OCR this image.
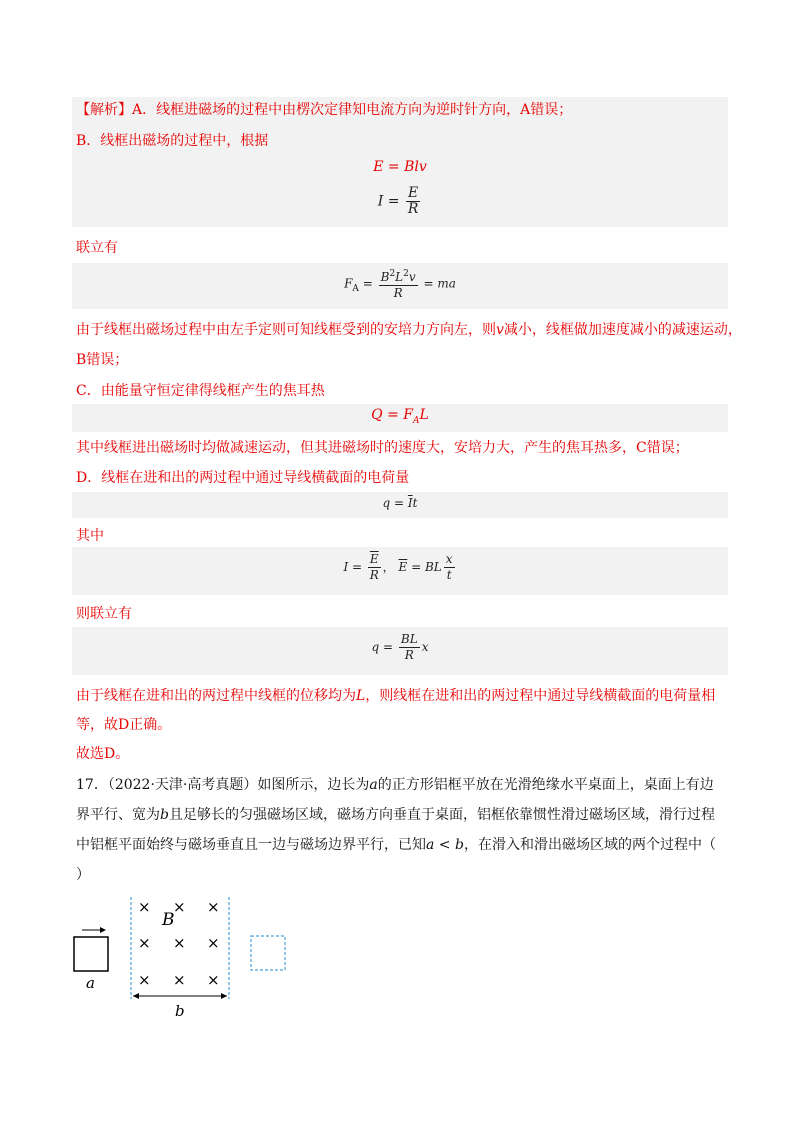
【解析】A．线框进磁场的过程中由楞次定律知电流方向为逆时针方向，A错误；
B．线框出磁场的过程中，根据
E = Blv
$I = \frac{E}{R}$
联立有
$F_A = \frac{B^2L^2v}{R}$ = ma
由于线框出磁场过程中由左手定则可知线框受到的安培力方向左，则v减小，线框做加速度减小的减速运动，
B错误；
C．由能量守恒定律得线框产生的焦耳热
$Q = F_AL$
其中线框进出磁场时均做减速运动，但其进磁场时的速度大，安培力大，产生的焦耳热多，C错误；
D．线框在进和出的两过程中通过导线横截面的电荷量
$q = \overline{I}t$
其中
$I = \frac{\overline{E}}{R}$ ， $\overline{E}$ = BL $\frac{x}{t}$
则联立有
$q = \frac{BL}{R}$ x
由于线框在进和出的两过程中线框的位移均为L，则线框在进和出的两过程中通过导线横截面的电荷量相
等，故D正确。
故选D。
17．（2022·天津·高考真题）如图所示，边长为a的正方形铝框平放在光滑绝缘水平桌面上，桌面上有边
界平行、宽为b且足够长的匀强磁场区域，磁场方向垂直于桌面，铝框依靠惯性滑过磁场区域，滑行过程
中铝框平面始终与磁场垂直且一边与磁场边界平行，已知a < b，在滑入和滑出磁场区域的两个过程中（
）
a
× × ×
× × ×
× × ×
B
b
